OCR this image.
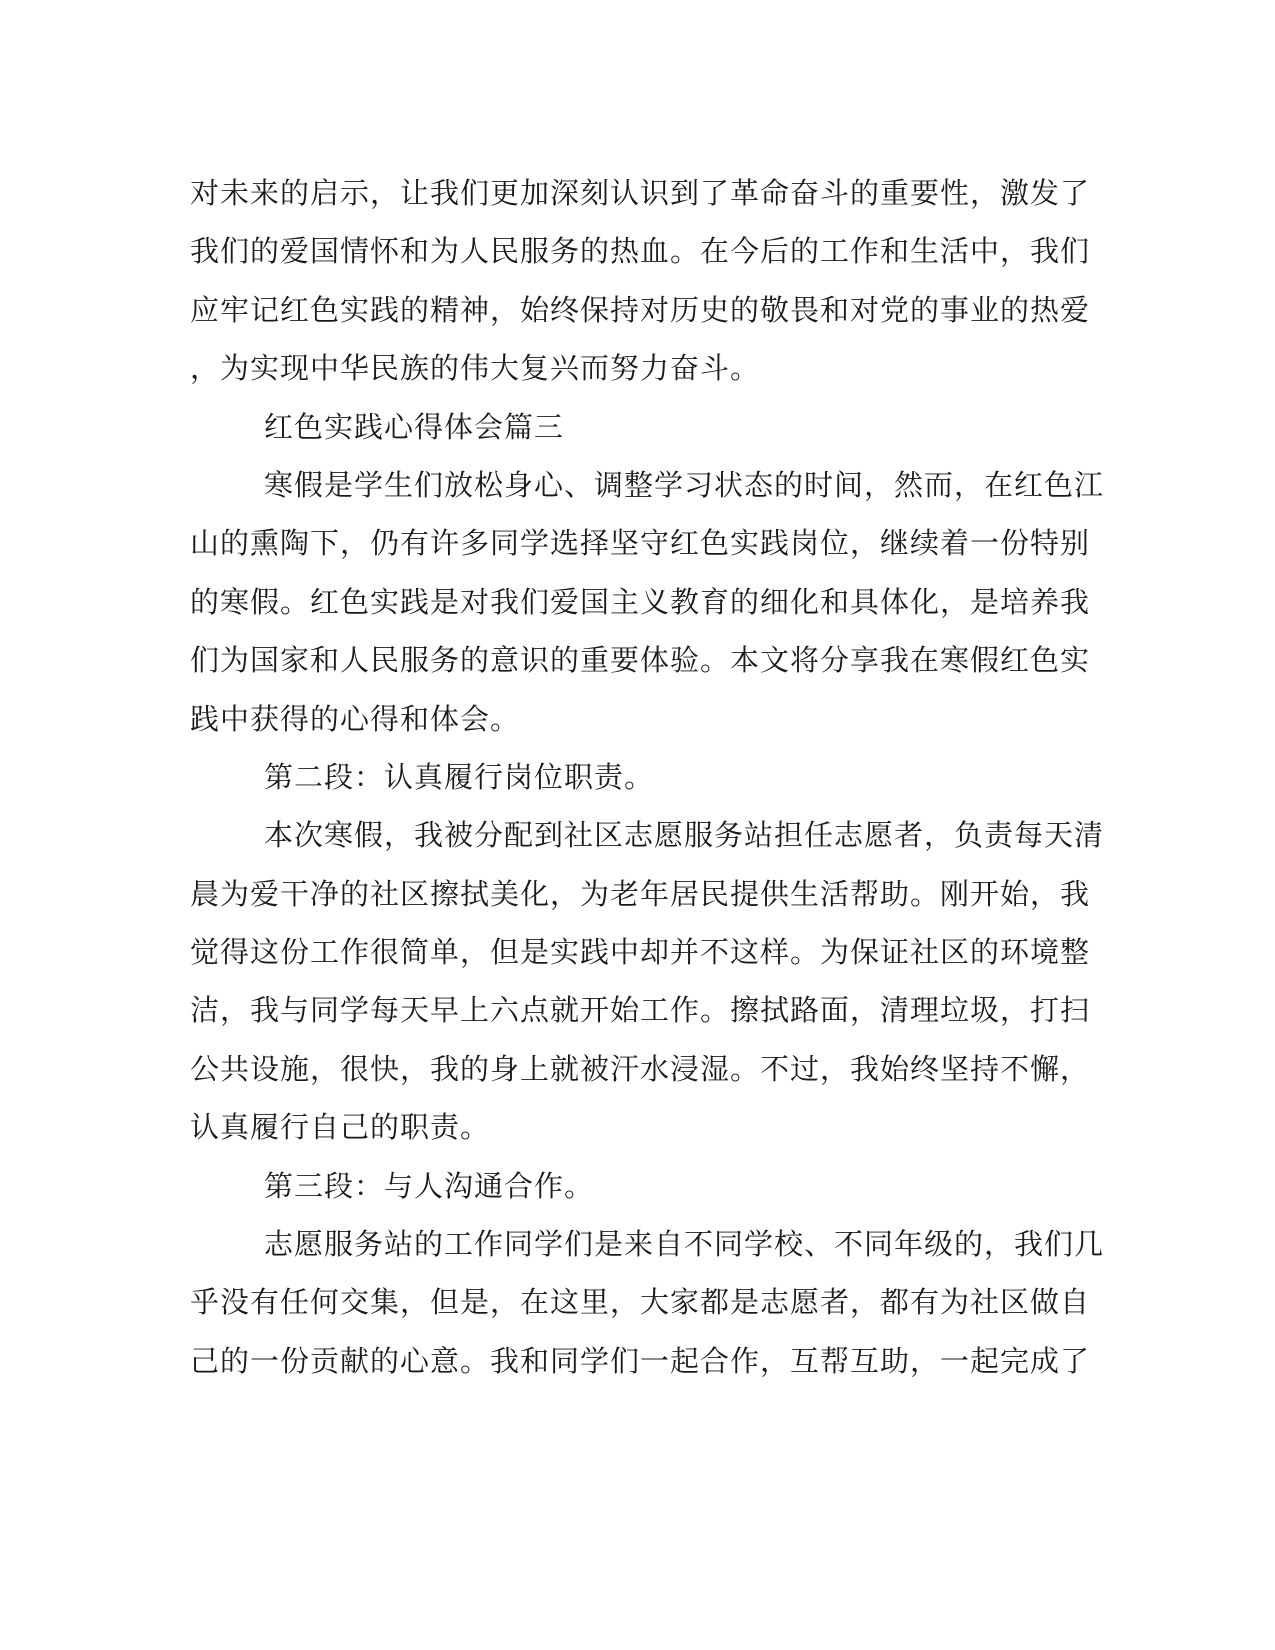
对未来的启示，让我们更加深刻认识到了革命奋斗的重要性，激发了
我们的爱国情怀和为人民服务的热血。在今后的工作和生活中，我们
应牢记红色实践的精神，始终保持对历史的敬畏和对党的事业的热爱
，为实现中华民族的伟大复兴而努力奋斗。
红色实践心得体会篇三
寒假是学生们放松身心、调整学习状态的时间，然而，在红色江
山的熏陶下，仍有许多同学选择坚守红色实践岗位，继续着一份特别
的寒假。红色实践是对我们爱国主义教育的细化和具体化，是培养我
们为国家和人民服务的意识的重要体验。本文将分享我在寒假红色实
践中获得的心得和体会。
第二段：认真履行岗位职责。
本次寒假，我被分配到社区志愿服务站担任志愿者，负责每天清
晨为爱干净的社区擦拭美化，为老年居民提供生活帮助。刚开始，我
觉得这份工作很简单，但是实践中却并不这样。为保证社区的环境整
洁，我与同学每天早上六点就开始工作。擦拭路面，清理垃圾，打扫
公共设施，很快，我的身上就被汗水浸湿。不过，我始终坚持不懈，
认真履行自己的职责。
第三段：与人沟通合作。
志愿服务站的工作同学们是来自不同学校、不同年级的，我们几
乎没有任何交集，但是，在这里，大家都是志愿者，都有为社区做自
己的一份贡献的心意。我和同学们一起合作，互帮互助，一起完成了
